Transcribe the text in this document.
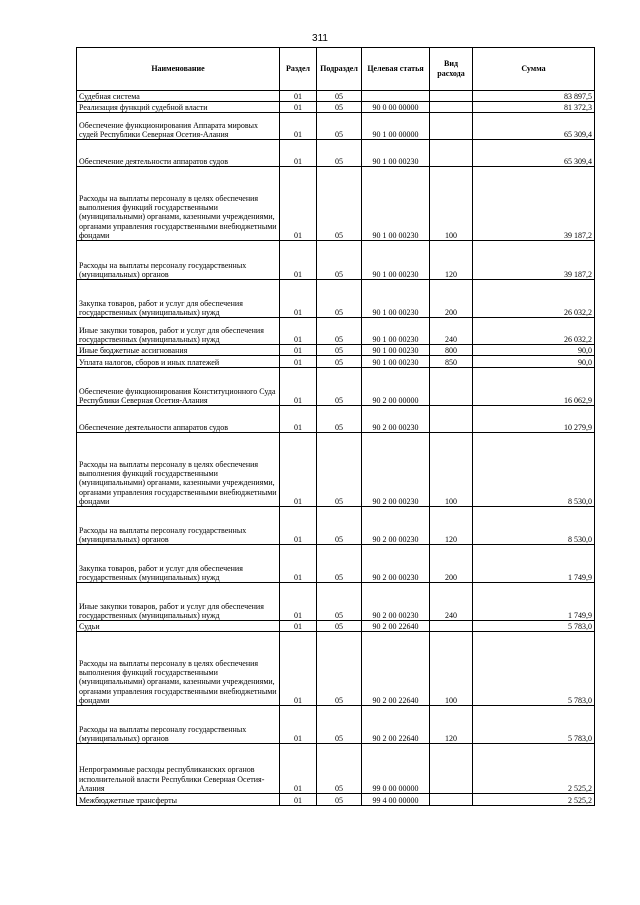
311
Наименование	Раздел	Подраздел	Целевая статья	Вид расхода	Сумма
Судебная система	01	05			83 897,5
Реализация функций судебной власти	01	05	90 0 00 00000		81 372,3
Обеспечение функционирования Аппарата мировых судей Республики Северная Осетия-Алания	01	05	90 1 00 00000		65 309,4
Обеспечение деятельности аппаратов судов	01	05	90 1 00 00230		65 309,4
Расходы на выплаты персоналу в целях обеспечения выполнения функций государственными (муниципальными) органами, казенными учреждениями, органами управления государственными внебюджетными фондами	01	05	90 1 00 00230	100	39 187,2
Расходы на выплаты персоналу государственных (муниципальных) органов	01	05	90 1 00 00230	120	39 187,2
Закупка товаров, работ и услуг для обеспечения государственных (муниципальных) нужд	01	05	90 1 00 00230	200	26 032,2
Иные закупки товаров, работ и услуг для обеспечения государственных (муниципальных) нужд	01	05	90 1 00 00230	240	26 032,2
Иные бюджетные ассигнования	01	05	90 1 00 00230	800	90,0
Уплата налогов, сборов и иных платежей	01	05	90 1 00 00230	850	90,0
Обеспечение функционирования Конституционного Суда Республики Северная Осетия-Алания	01	05	90 2 00 00000		16 062,9
Обеспечение деятельности аппаратов судов	01	05	90 2 00 00230		10 279,9
Расходы на выплаты персоналу в целях обеспечения выполнения функций государственными (муниципальными) органами, казенными учреждениями, органами управления государственными внебюджетными фондами	01	05	90 2 00 00230	100	8 530,0
Расходы на выплаты персоналу государственных (муниципальных) органов	01	05	90 2 00 00230	120	8 530,0
Закупка товаров, работ и услуг для обеспечения государственных (муниципальных) нужд	01	05	90 2 00 00230	200	1 749,9
Иные закупки товаров, работ и услуг для обеспечения государственных (муниципальных) нужд	01	05	90 2 00 00230	240	1 749,9
Судьи	01	05	90 2 00 22640		5 783,0
Расходы на выплаты персоналу в целях обеспечения выполнения функций государственными (муниципальными) органами, казенными учреждениями, органами управления государственными внебюджетными фондами	01	05	90 2 00 22640	100	5 783,0
Расходы на выплаты персоналу государственных (муниципальных) органов	01	05	90 2 00 22640	120	5 783,0
Непрограммные расходы республиканских органов исполнительной власти Республики Северная Осетия-Алания	01	05	99 0 00 00000		2 525,2
Межбюджетные трансферты	01	05	99 4 00 00000		2 525,2
